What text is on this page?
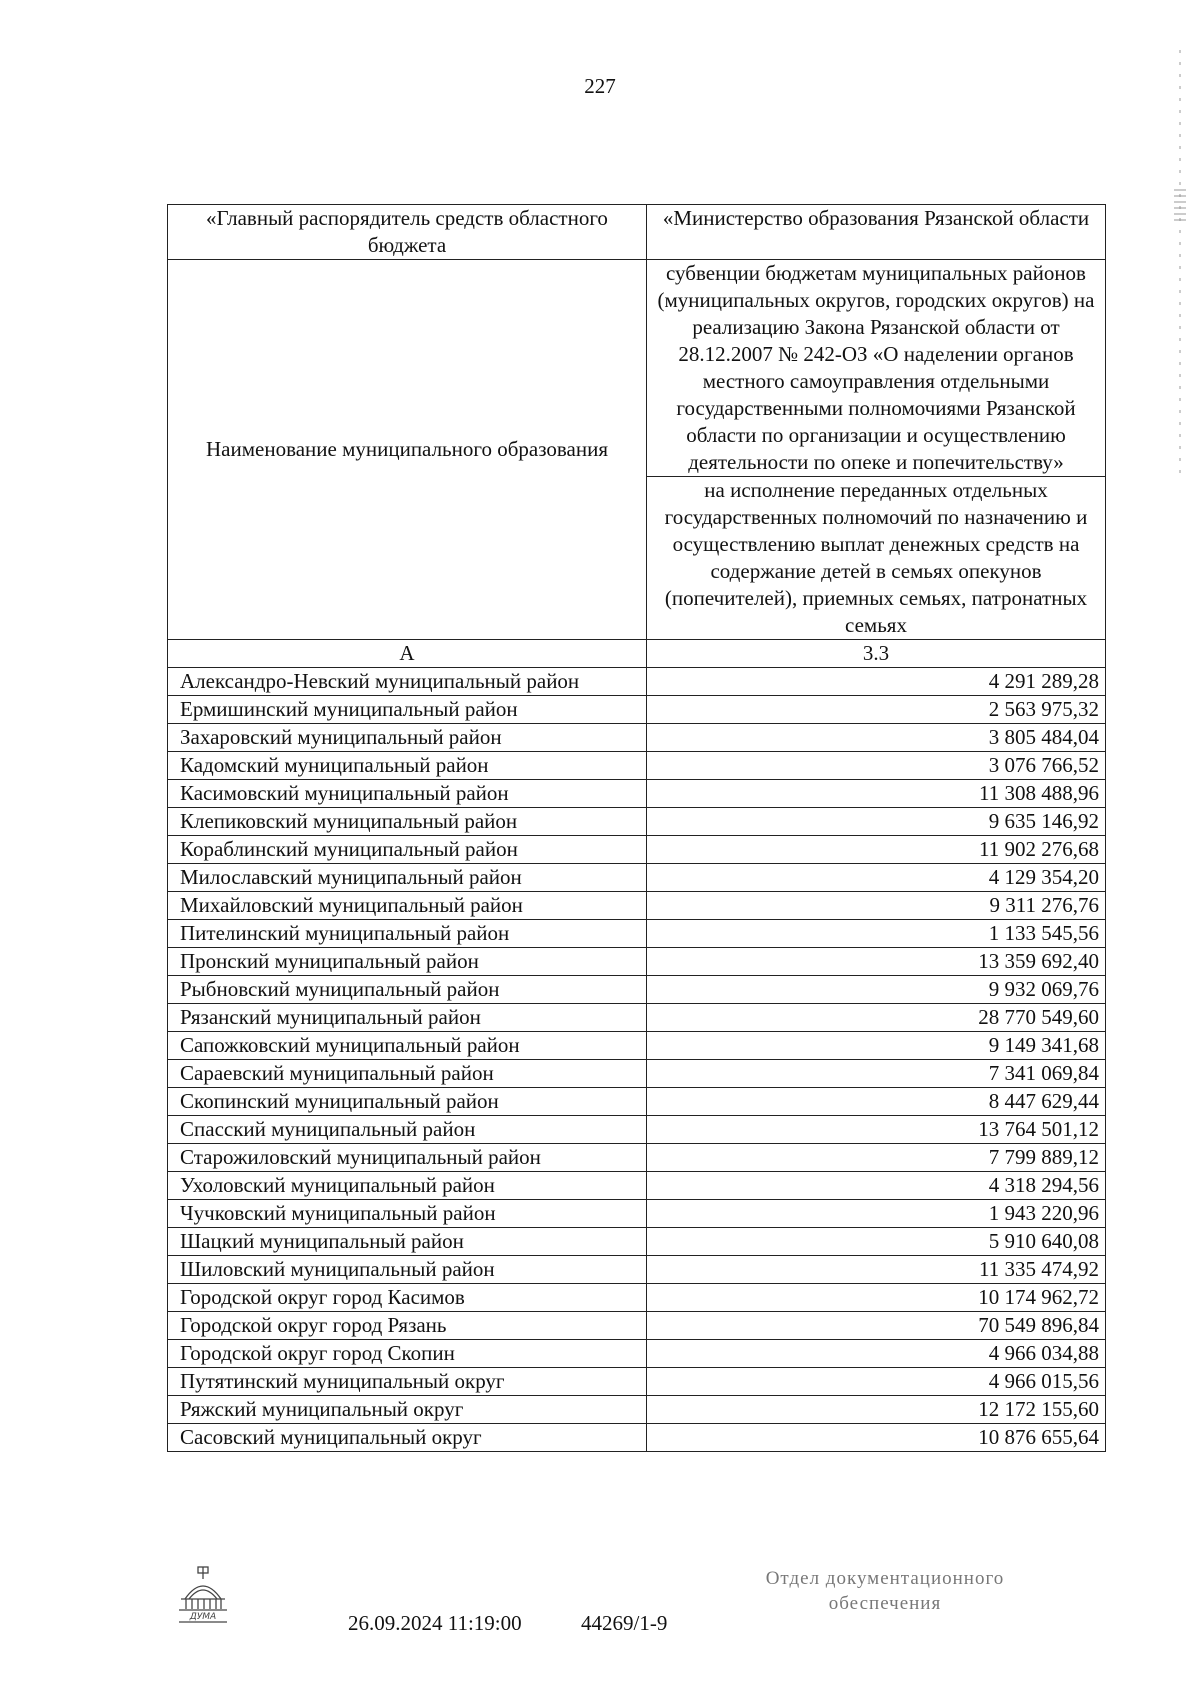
227
«Главный распорядитель средств областного бюджета	«Министерство образования Рязанской области
Наименование муниципального образования	субвенции бюджетам муниципальных районов (муниципальных округов, городских округов) на реализацию Закона Рязанской области от 28.12.2007 № 242-ОЗ «О наделении органов местного самоуправления отдельными государственными полномочиями Рязанской области по организации и осуществлению деятельности по опеке и попечительству»
	на исполнение переданных отдельных государственных полномочий по назначению и осуществлению выплат денежных средств на содержание детей в семьях опекунов (попечителей), приемных семьях, патронатных семьях
А	3.3
Александро-Невский муниципальный район	4 291 289,28
Ермишинский муниципальный район	2 563 975,32
Захаровский муниципальный район	3 805 484,04
Кадомский муниципальный район	3 076 766,52
Касимовский муниципальный район	11 308 488,96
Клепиковский муниципальный район	9 635 146,92
Кораблинский муниципальный район	11 902 276,68
Милославский муниципальный район	4 129 354,20
Михайловский муниципальный район	9 311 276,76
Пителинский муниципальный район	1 133 545,56
Пронский муниципальный район	13 359 692,40
Рыбновский муниципальный район	9 932 069,76
Рязанский муниципальный район	28 770 549,60
Сапожковский муниципальный район	9 149 341,68
Сараевский муниципальный район	7 341 069,84
Скопинский муниципальный район	8 447 629,44
Спасский муниципальный район	13 764 501,12
Старожиловский муниципальный район	7 799 889,12
Ухоловский муниципальный район	4 318 294,56
Чучковский муниципальный район	1 943 220,96
Шацкий муниципальный район	5 910 640,08
Шиловский муниципальный район	11 335 474,92
Городской округ город Касимов	10 174 962,72
Городской округ город Рязань	70 549 896,84
Городской округ город Скопин	4 966 034,88
Путятинский муниципальный округ	4 966 015,56
Ряжский муниципальный округ	12 172 155,60
Сасовский муниципальный округ	10 876 655,64
ДУМА	26.09.2024 11:19:00	44269/1-9
Отдел документационного обеспечения
